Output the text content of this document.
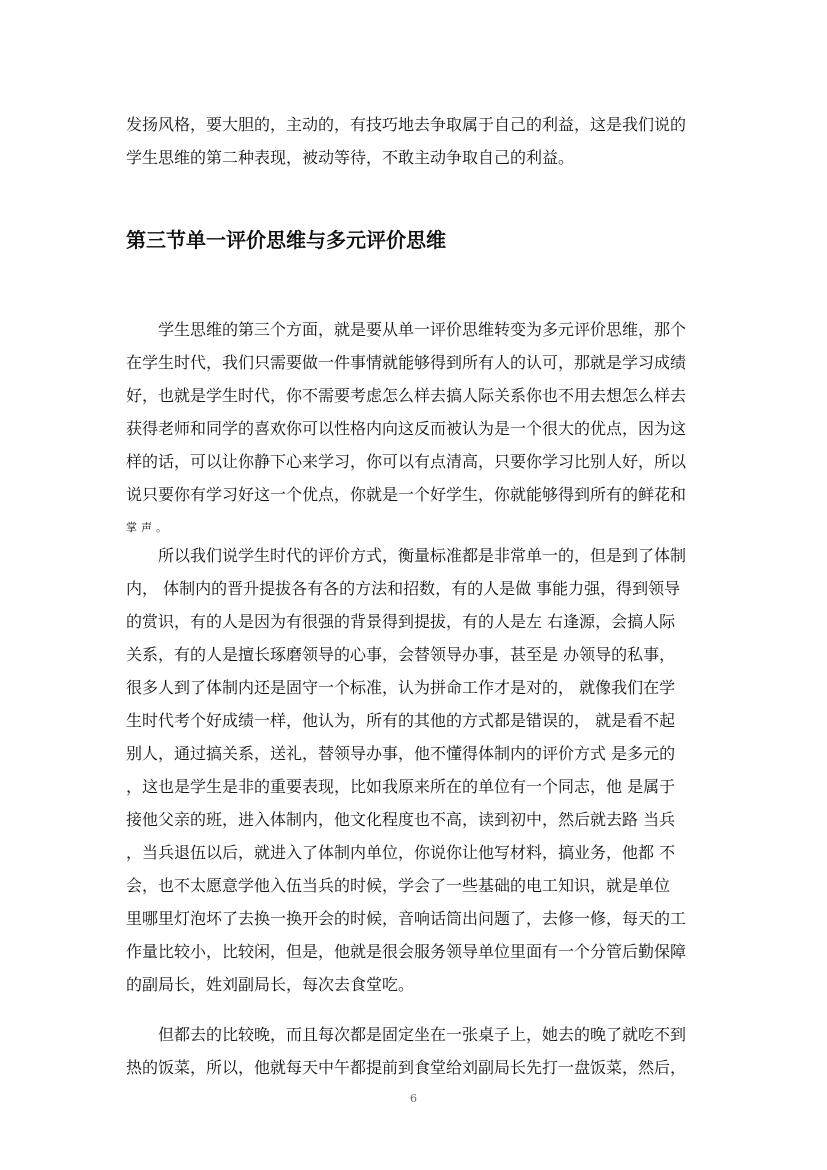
发扬风格，要大胆的，主动的，有技巧地去争取属于自己的利益，这是我们说的
学生思维的第二种表现，被动等待，不敢主动争取自己的利益。

第三节单一评价思维与多元评价思维

学生思维的第三个方面，就是要从单一评价思维转变为多元评价思维，那个
在学生时代，我们只需要做一件事情就能够得到所有人的认可，那就是学习成绩
好，也就是学生时代，你不需要考虑怎么样去搞人际关系你也不用去想怎么样去
获得老师和同学的喜欢你可以性格内向这反而被认为是一个很大的优点，因为这
样的话，可以让你静下心来学习，你可以有点清高，只要你学习比别人好，所以
说只要你有学习好这一个优点，你就是一个好学生，你就能够得到所有的鲜花和
掌声。

所以我们说学生时代的评价方式，衡量标准都是非常单一的，但是到了体制
内， 体制内的晋升提拔各有各的方法和招数，有的人是做 事能力强，得到领导
的赏识，有的人是因为有很强的背景得到提拔，有的人是左 右逢源，会搞人际
关系，有的人是擅长琢磨领导的心事，会替领导办事，甚至是 办领导的私事，
很多人到了体制内还是固守一个标准，认为拼命工作才是对的， 就像我们在学
生时代考个好成绩一样，他认为，所有的其他的方式都是错误的， 就是看不起
别人，通过搞关系，送礼，替领导办事，他不懂得体制内的评价方式 是多元的
，这也是学生是非的重要表现，比如我原来所在的单位有一个同志，他 是属于
接他父亲的班，进入体制内，他文化程度也不高，读到初中，然后就去路 当兵
，当兵退伍以后，就进入了体制内单位，你说你让他写材料，搞业务，他都 不
会，也不太愿意学他入伍当兵的时候，学会了一些基础的电工知识，就是单位
里哪里灯泡坏了去换一换开会的时候，音响话筒出问题了，去修一修，每天的工
作量比较小，比较闲，但是，他就是很会服务领导单位里面有一个分管后勤保障
的副局长，姓刘副局长，每次去食堂吃。

但都去的比较晚，而且每次都是固定坐在一张桌子上，她去的晚了就吃不到
热的饭菜，所以，他就每天中午都提前到食堂给刘副局长先打一盘饭菜，然后，

6
